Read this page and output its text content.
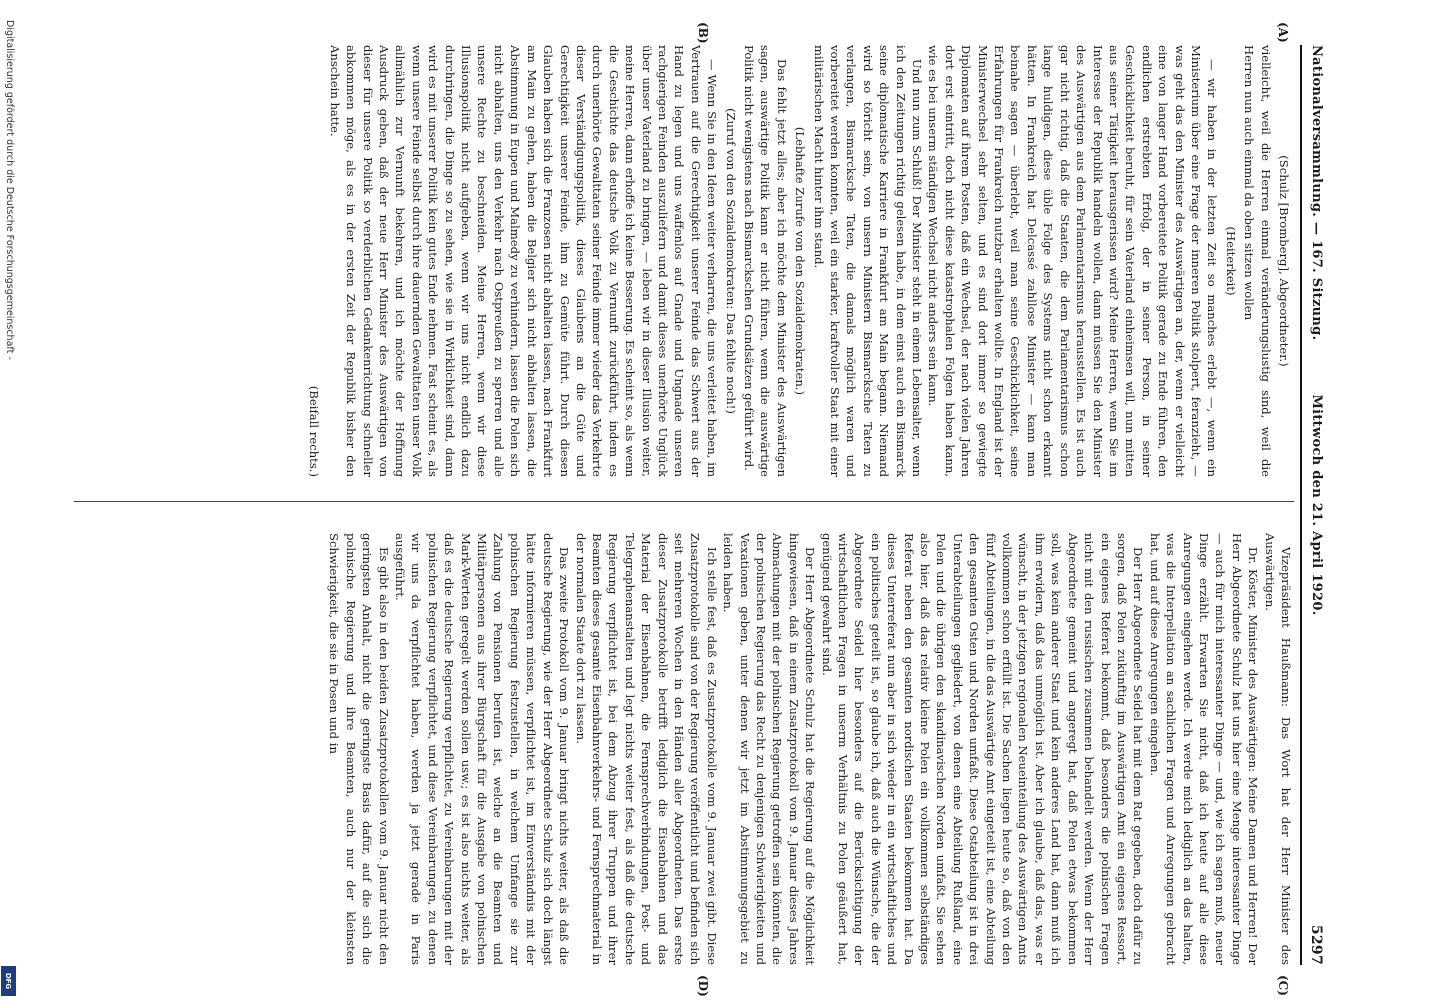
Nationalversammlung. — 167. Sitzung.
Mittwoch den 21. April 1920.
5297
(A)
(B)
(C)
(D)

(Schulz [Bromberg], Abgeordneter.)

vielleicht, weil die Herren einmal veränderungslustig sind, weil die Herren nun auch einmal da oben sitzen wollen

(Heiterkeit)

— wir haben in der letzten Zeit so manches erlebt —, wenn ein Ministerium über eine Frage der inneren Politik stolpert, feranzieht, — was geht das den Minister des Auswärtigen an, der, wenn er vielleicht eine von langer Hand vorbereitete Politik gerade zu Ende führen, den endlichen erstrebten Erfolg, der in seiner Person, in seiner Geschicklichkeit beruht, für sein Vaterland einheimsen will, nun mitten aus seiner Tätigkeit herausgerissen wird? Meine Herren, wenn Sie im Interesse der Republik handeln wollen, dann müssen Sie den Minister des Auswärtigen aus dem Parlamentarismus herausstellen. Es ist auch gar nicht richtig, daß die Staaten, die dem Parlamentarismus schon lange huldigen, diese üble Folge des Systems nicht schon erkannt hätten. In Frankreich hat Delcassé zahllose Minister — kann man beinahe sagen — überlebt, weil man seine Geschicklichkeit, seine Erfahrungen für Frankreich nutzbar erhalten wollte. In England ist der Ministerwechsel sehr selten, und es sind dort immer so gewiegte Diplomaten auf ihrem Posten, daß ein Wechsel, der nach vielen Jahren dort erst eintritt, doch nicht diese katastrophalen Folgen haben kann, wie es bei unserm ständigen Wechsel nicht anders sein kann.

Und nun zum Schluß! Der Minister steht in einem Lebensalter, wenn ich den Zeitungen richtig gelesen habe, in dem einst auch ein Bismarck seine diplomatische Karriere in Frankfurt am Main begann. Niemand wird so töricht sein, von unsern Ministern Bismarcksche Taten zu verlangen, Bismarcksche Taten, die damals möglich waren und vorbereitet werden konnten, weil ein starker, kraftvoller Staat mit einer militärischen Macht hinter ihm stand.

(Lebhafte Zurufe von den Sozialdemokraten.)

Das fehlt jetzt alles; aber ich möchte dem Minister des Auswärtigen sagen, auswärtige Politik kann er nicht führen, wenn die auswärtige Politik nicht wenigstens nach Bismarckschen Grundsätzen geführt wird.

(Zuruf von den Sozialdemokraten: Das fehlte noch!)

— Wenn Sie in den Ideen weiter verharren, die uns verleitet haben, im Vertrauen auf die Gerechtigkeit unserer Feinde das Schwert aus der Hand zu legen und uns waffenlos auf Gnade und Ungnade unseren rachgierigen Feinden auszuliefern und damit dieses unerhörte Unglück über unser Vaterland zu bringen, — leben wir in dieser Illusion weiter, meine Herren, dann erhoffe ich keine Besserung. Es scheint so, als wenn die Geschichte das deutsche Volk zu Vernunft zurückführt, indem es durch unerhörte Gewalttaten seiner Feinde immer wieder das Verkehrte dieser Verständigungspolitik, dieses Glaubens an die Güte und Gerechtigkeit unserer Feinde, ihm zu Gemüte führt. Durch diesen Glauben haben sich die Franzosen nicht abhalten lassen, nach Frankfurt am Main zu gehen, haben die Belgier sich nicht abhalten lassen, die Abstimmung in Eupen und Malmedy zu verhindern, lassen die Polen sich nicht abhalten, uns den Verkehr nach Ostpreußen zu sperren und alle unsere Rechte zu beschneiden. Meine Herren, wenn wir diese Illusionspolitik nicht aufgeben, wenn wir uns nicht endlich dazu durchringen, die Dinge so zu sehen, wie sie in Wirklichkeit sind, dann wird es mit unserer Politik kein gutes Ende nehmen. Fast scheint es, als wenn unsere Feinde selbst durch ihre dauernden Gewalttaten unser Volk allmählich zur Vernunft bekehren, und ich möchte der Hoffnung Ausdruck geben, daß der neue Herr Minister des Auswärtigen von dieser für unsere Politik so verderblichen Gedankenrichtung schneller abkommen möge, als es in der ersten Zeit der Republik bisher den Anschein hatte.

(Beifall rechts.)

Vizepräsident Haußmann: Das Wort hat der Herr Minister des Auswärtigen.

Dr. Köster, Minister des Auswärtigen: Meine Damen und Herren! Der Herr Abgeordnete Schulz hat uns hier eine Menge interessanter Dinge — auch für mich interessanter Dinge — und, wie ich sagen muß, neuer Dinge erzählt. Erwarten Sie nicht, daß ich heute auf alle diese Anregungen eingehen werde. Ich werde mich lediglich an das halten, was die Interpellation an sachlichen Fragen und Anregungen gebracht hat, und auf diese Anregungen eingehen.

Der Herr Abgeordnete Seidel hat mit dem Rat gegeben, doch dafür zu sorgen, daß Polen zukünftig im Auswärtigen Amt ein eigenes Ressort, ein eigenes Referat bekommt, daß besonders die polnischen Fragen nicht mit den russischen zusammen behandelt werden. Wenn der Herr Abgeordnete gemeint und angeregt hat, daß Polen etwas bekommen soll, was kein anderer Staat und kein anderes Land hat, dann muß ich ihm erwidern, daß das unmöglich ist. Aber ich glaube, daß das, was er wünscht, in der jetzigen regionalen Neueinteilung des Auswärtigen Amts vollkommen schon erfüllt ist. Die Sachen liegen heute so, daß von den fünf Abteilungen, in die das Auswärtige Amt eingeteilt ist, eine Abteilung den gesamten Osten und Norden umfaßt. Diese Ostabteilung ist in drei Unterabteilungen gegliedert, von denen eine Abteilung Rußland, eine Polen und die übrigen den skandinavischen Norden umfaßt. Sie sehen also hier, daß das relativ kleine Polen ein vollkommen selbständiges Referat neben den gesamten nordischen Staaten bekommen hat. Da dieses Unterreferat nun aber in sich wieder in ein wirtschaftliches und ein politisches geteilt ist, so glaube ich, daß auch die Wünsche, die der Abgeordnete Seidel hier besonders auf die Berücksichtigung der wirtschaftlichen Fragen in unserm Verhältnis zu Polen geäußert hat, genügend gewahrt sind.

Der Herr Abgeordnete Schulz hat die Regierung auf die Möglichkeit hingewiesen, daß in einem Zusatzprotokoll vom 9. Januar dieses Jahres Abmachungen mit der polnischen Regierung getroffen sein könnten, die der polnischen Regierung das Recht zu denjenigen Schwierigkeiten und Vexationen geben, unter denen wir jetzt im Abstimmungsgebiet zu leiden haben.

Ich stelle fest, daß es Zusatzprotokolle vom 9. Januar zwei gibt. Diese Zusatzprotokolle sind von der Regierung veröffentlicht und befinden sich seit mehreren Wochen in den Händen aller Abgeordneten. Das erste dieser Zusatzprotokolle betrifft lediglich die Eisenbahnen und das Material der Eisenbahnen, die Fernsprechverbindungen, Post- und Telegraphenanstalten und legt nichts weiter fest, als daß die deutsche Regierung verpflichtet ist, bei dem Abzug ihrer Truppen und ihrer Beamten dieses gesamte Eisenbahnverkehrs- und Fernsprechmaterial in der normalen Staate dort zu lassen.

Das zweite Protokoll vom 9. Januar bringt nichts weiter, als daß die deutsche Regierung, wie der Herr Abgeordnete Schulz sich doch längst hätte informieren müssen, verpflichtet ist, im Einverständnis mit der polnischen Regierung festzustellen, in welchem Umfange sie zur Zahlung von Pensionen berufen ist, welche an die Beamten und Militärpersonen aus ihrer Bürgschaft für die Ausgabe von polnischen Mark-Werten geregelt werden sollen usw.; es ist also nichts weiter, als daß es die deutsche Regierung verpflichtet, zu Vereinbarungen mit der polnischen Regierung verpflichtet, und diese Vereinbarungen, zu denen wir uns da verpflichtet haben, werden ja jetzt gerade in Paris ausgeführt.

Es gibt also in den beiden Zusatzprotokollen vom 9. Januar nicht den geringsten Anhalt, nicht die geringste Basis dafür, auf die sich die polnische Regierung und ihre Beamten, auch nur der kleinsten Schwierigkeit, die sie in Posen und in

Digitalisierung gefördert durch die Deutsche Forschungsgemeinschaft -
DFG
